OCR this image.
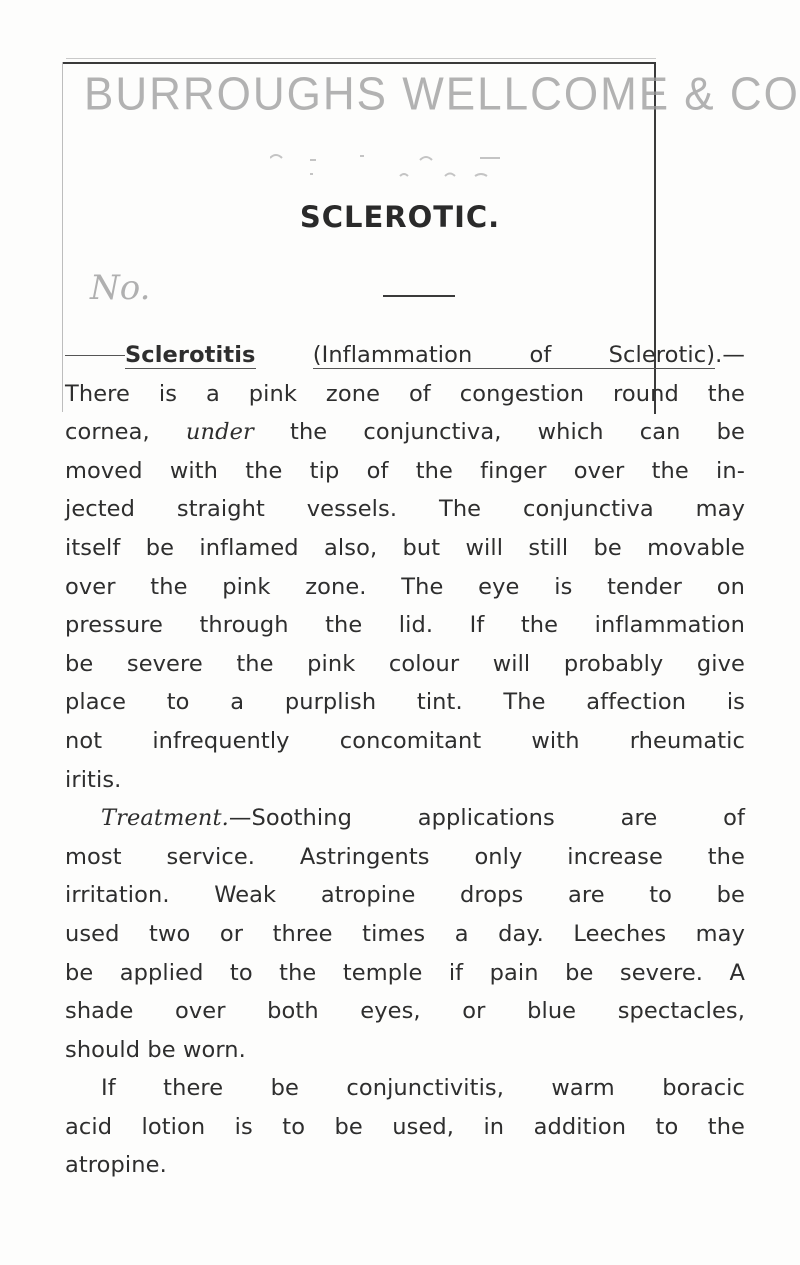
BURROUGHS WELLCOME & CO
No.
SCLEROTIC.

Sclerotitis	(Inflammation of Sclerotic).—

There is a pink zone of congestion round the

cornea, under the conjunctiva, which can be

moved with the tip of the finger over the in-

jected straight vessels. The conjunctiva may

itself be inflamed also, but will still be movable

over the pink zone. The eye is tender on

pressure through the lid. If the inflammation

be severe the pink colour will probably give

place to a purplish tint. The affection is

not infrequently concomitant with rheumatic

iritis.

Treatment.—Soothing applications are of

most service. Astringents only increase the

irritation. Weak atropine drops are to be

used two or three times a day. Leeches may

be applied to the temple if pain be severe. A

shade over both eyes, or blue spectacles,

should be worn.

If there be conjunctivitis, warm boracic

acid lotion is to be used, in addition to the

atropine.
